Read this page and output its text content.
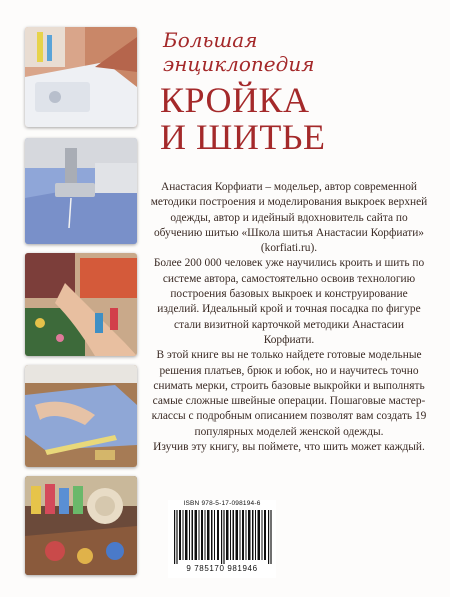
Большая
энциклопедия
КРОЙКА
И ШИТЬЕ

Анастасия Корфиати – модельер, автор современной методики построения и моделирования выкроек верхней одежды, автор и идейный вдохновитель сайта по обучению шитью «Школа шитья Анастасии Корфиати» (korfiati.ru).

Более 200 000 человек уже научились кроить и шить по системе автора, самостоятельно освоив технологию построения базовых выкроек и конструирование изделий. Идеальный крой и точная посадка по фигуре стали визитной карточкой методики Анастасии Корфиати.

В этой книге вы не только найдете готовые модельные решения платьев, брюк и юбок, но и научитесь точно снимать мерки, строить базовые выкройки и выполнять самые сложные швейные операции. Пошаговые мастер-классы с подробным описанием позволят вам создать 19 популярных моделей женской одежды.

Изучив эту книгу, вы поймете, что шить может каждый.

ISBN 978-5-17-098194-6
9 785170 981946
